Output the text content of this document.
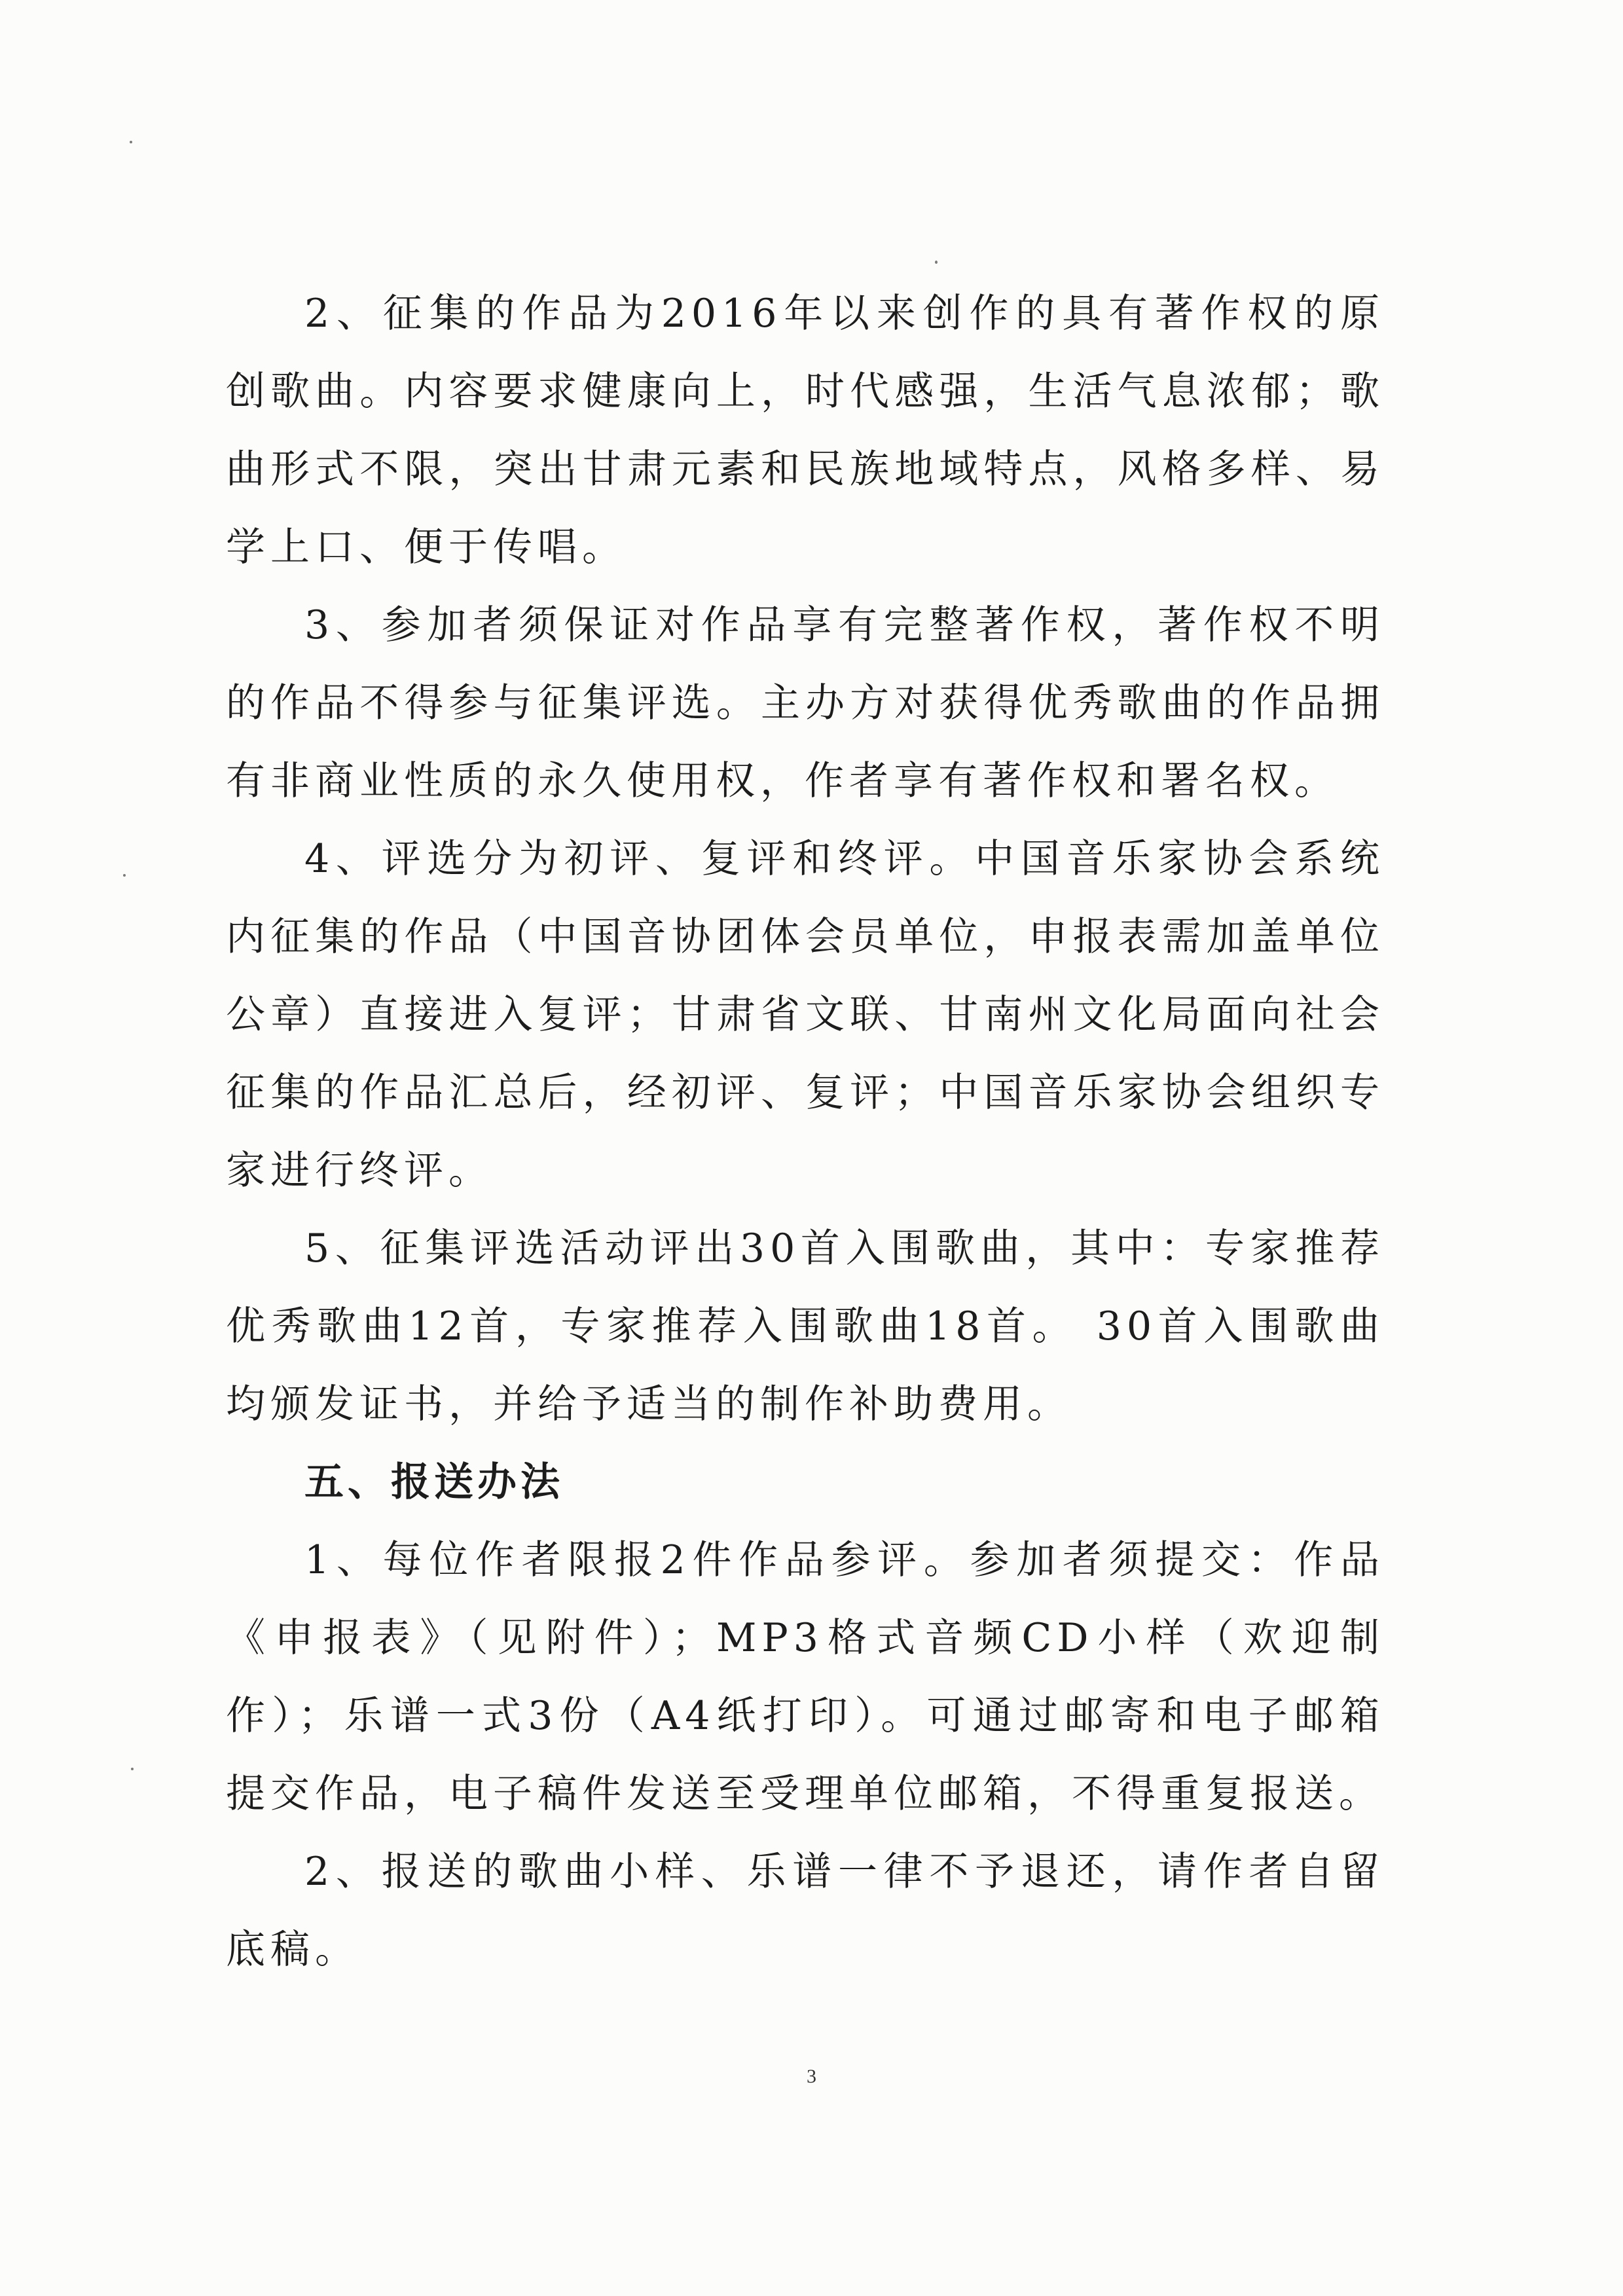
2、征集的作品为2016年以来创作的具有著作权的原创歌曲。内容要求健康向上，时代感强，生活气息浓郁；歌曲形式不限，突出甘肃元素和民族地域特点，风格多样、易学上口、便于传唱。

3、参加者须保证对作品享有完整著作权，著作权不明的作品不得参与征集评选。主办方对获得优秀歌曲的作品拥有非商业性质的永久使用权，作者享有著作权和署名权。

4、评选分为初评、复评和终评。中国音乐家协会系统内征集的作品（中国音协团体会员单位，申报表需加盖单位公章）直接进入复评；甘肃省文联、甘南州文化局面向社会征集的作品汇总后，经初评、复评；中国音乐家协会组织专家进行终评。

5、征集评选活动评出30首入围歌曲，其中：专家推荐优秀歌曲12首，专家推荐入围歌曲18首。 30首入围歌曲均颁发证书，并给予适当的制作补助费用。

五、报送办法

1、每位作者限报2件作品参评。参加者须提交：作品《申报表》（见附件）；MP3格式音频CD小样（欢迎制作）；乐谱一式3份（A4纸打印）。可通过邮寄和电子邮箱提交作品，电子稿件发送至受理单位邮箱，不得重复报送。

2、报送的歌曲小样、乐谱一律不予退还，请作者自留底稿。

3
